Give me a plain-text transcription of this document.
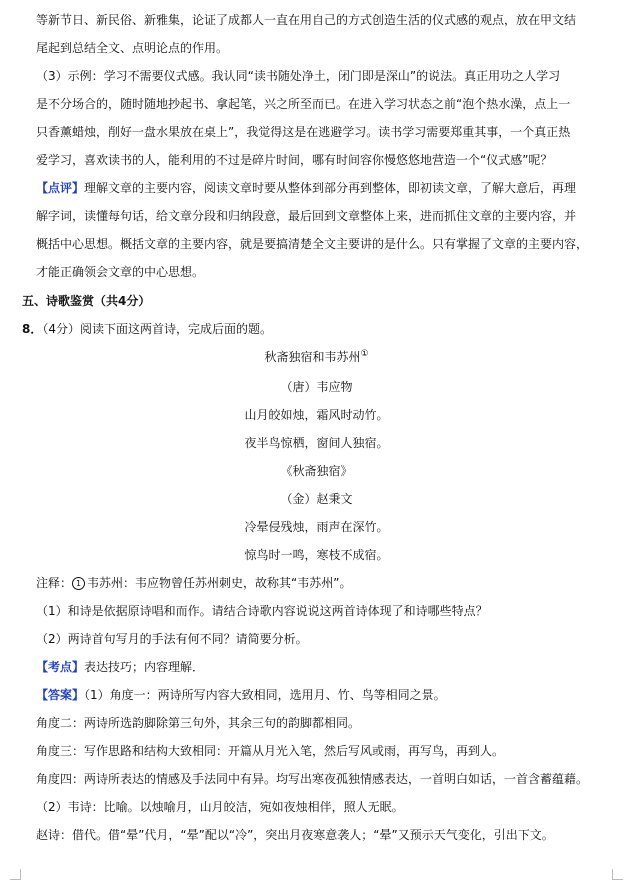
等新节日、新民俗、新雅集，论证了成都人一直在用自己的方式创造生活的仪式感的观点，放在甲文结
尾起到总结全文、点明论点的作用。
（3）示例：学习不需要仪式感。我认同“读书随处净土，闭门即是深山”的说法。真正用功之人学习
是不分场合的，随时随地抄起书、拿起笔，兴之所至而已。在进入学习状态之前“泡个热水澡，点上一
只香薰蜡烛，削好一盘水果放在桌上”，我觉得这是在逃避学习。读书学习需要郑重其事，一个真正热
爱学习，喜欢读书的人，能利用的不过是碎片时间，哪有时间容你慢悠悠地营造一个“仪式感”呢？
【点评】理解文章的主要内容，阅读文章时要从整体到部分再到整体，即初读文章，了解大意后，再理
解字词，读懂每句话，给文章分段和归纳段意，最后回到文章整体上来，进而抓住文章的主要内容，并
概括中心思想。概括文章的主要内容，就是要搞清楚全文主要讲的是什么。只有掌握了文章的主要内容，
才能正确领会文章的中心思想。
五、诗歌鉴赏（共4分）
8．（4分）阅读下面这两首诗，完成后面的题。
秋斋独宿和韦苏州①
（唐）韦应物
山月皎如烛，霜风时动竹。
夜半鸟惊栖，窗间人独宿。
《秋斋独宿》
（金）赵秉文
冷晕侵残烛，雨声在深竹。
惊鸟时一鸣，寒枝不成宿。
注释： 1 韦苏州：韦应物曾任苏州刺史，故称其“韦苏州”。
（1）和诗是依据原诗唱和而作。请结合诗歌内容说说这两首诗体现了和诗哪些特点？
（2）两诗首句写月的手法有何不同？请简要分析。
【考点】表达技巧；内容理解．
【答案】（1）角度一：两诗所写内容大致相同，选用月、竹、鸟等相同之景。
角度二：两诗所选韵脚除第三句外，其余三句的韵脚都相同。
角度三：写作思路和结构大致相同：开篇从月光入笔，然后写风或雨，再写鸟，再到人。
角度四：两诗所表达的情感及手法同中有异。均写出寒夜孤独情感表达，一首明白如话，一首含蓄蕴藉。
（2）韦诗：比喻。以烛喻月，山月皎洁，宛如夜烛相伴，照人无眠。
赵诗：借代。借“晕”代月，“晕”配以“冷”，突出月夜寒意袭人；“晕”又预示天气变化，引出下文。
